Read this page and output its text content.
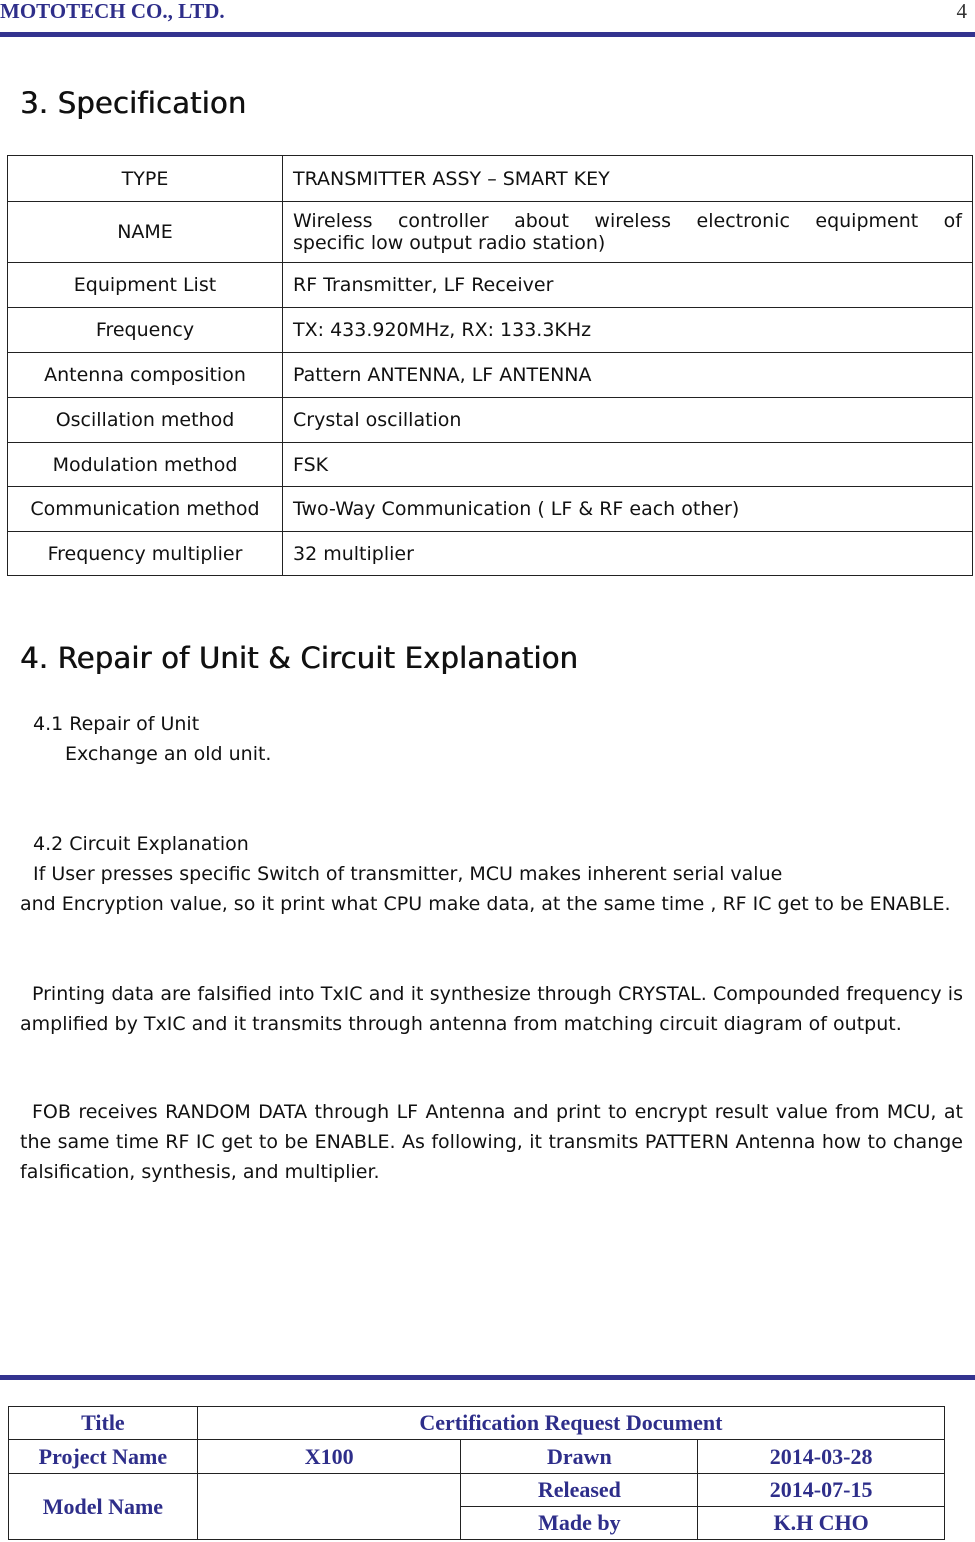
MOTOTECH CO., LTD.	4
3. Specification
TYPE	TRANSMITTER ASSY – SMART KEY
NAME	Wireless controller about wireless electronic equipment of
specific low output radio station)

Equipment List	RF Transmitter, LF Receiver
Frequency	TX: 433.920MHz, RX: 133.3KHz
Antenna composition	Pattern ANTENNA, LF ANTENNA
Oscillation method	Crystal oscillation
Modulation method	FSK
Communication method	Two-Way Communication ( LF & RF each other)
Frequency multiplier	32 multiplier
4. Repair of Unit & Circuit Explanation

4.1 Repair of Unit

Exchange an old unit.

4.2 Circuit Explanation

If User presses specific Switch of transmitter, MCU makes inherent serial value

and Encryption value, so it print what CPU make data, at the same time , RF IC get to be ENABLE.

Printing data are falsified into TxIC and it synthesize through CRYSTAL. Compounded frequency is amplified by TxIC and it transmits through antenna from matching circuit diagram of output.

FOB receives RANDOM DATA through LF Antenna and print to encrypt result value from MCU, at the same time RF IC get to be ENABLE. As following, it transmits PATTERN Antenna how to change falsification, synthesis, and multiplier.

Title	Certification Request Document		
Project Name	X100	Drawn	2014-03-28
Model Name		Released	2014-07-15
		Made by	K.H CHO
